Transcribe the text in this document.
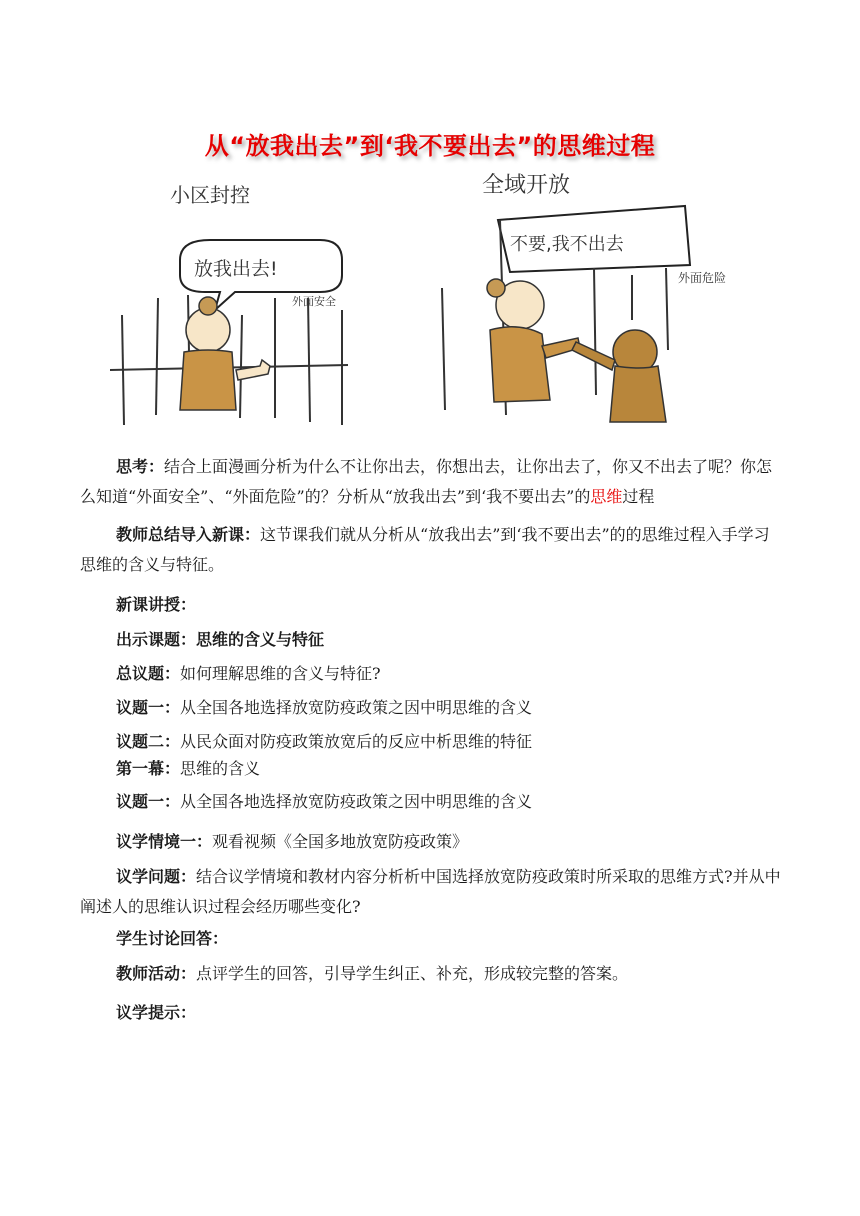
从“放我出去”到‘我不要出去”的思维过程
小区封控
放我出去!
外面安全
全域开放
不要,我不出去
外面危险
思考：结合上面漫画分析为什么不让你出去，你想出去，让你出去了，你又不出去了呢？你怎么知道“外面安全”、“外面危险”的？分析从“放我出去”到‘我不要出去”的思维过程
教师总结导入新课：这节课我们就从分析从“放我出去”到‘我不要出去”的的思维过程入手学习思维的含义与特征。
新课讲授：
出示课题：思维的含义与特征
总议题：如何理解思维的含义与特征?
议题一：从全国各地选择放宽防疫政策之因中明思维的含义
议题二：从民众面对防疫政策放宽后的反应中析思维的特征
第一幕：思维的含义
议题一：从全国各地选择放宽防疫政策之因中明思维的含义
议学情境一：观看视频《全国多地放宽防疫政策》
议学问题：结合议学情境和教材内容分析析中国选择放宽防疫政策时所采取的思维方式?并从中阐述人的思维认识过程会经历哪些变化?
学生讨论回答：
教师活动：点评学生的回答，引导学生纠正、补充，形成较完整的答案。
议学提示：
